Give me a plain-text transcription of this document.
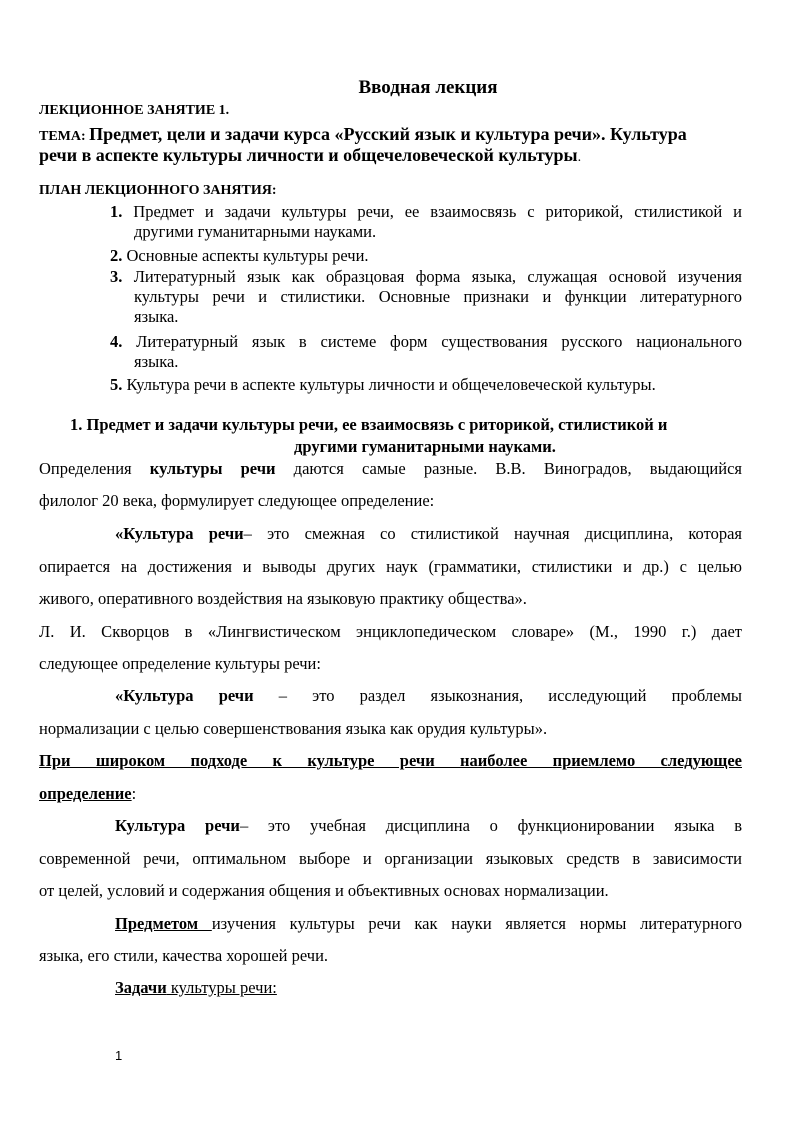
Вводная лекция
ЛЕКЦИОННОЕ ЗАНЯТИЕ 1.
ТЕМА: Предмет, цели и задачи курса «Русский язык и культура речи». Культура
речи в аспекте культуры личности и общечеловеческой культуры.
ПЛАН ЛЕКЦИОННОГО ЗАНЯТИЯ:
1. Предмет и задачи культуры речи, ее взаимосвязь с риторикой, стилистикой и
другими гуманитарными науками.
2. Основные аспекты культуры речи.
3. Литературный язык как образцовая форма языка, служащая основой изучения
культуры речи и стилистики. Основные признаки и функции литературного
языка.
4. Литературный язык в системе форм существования русского национального
языка.
5. Культура речи в аспекте культуры личности и общечеловеческой культуры.
1. Предмет и задачи культуры речи, ее взаимосвязь с риторикой, стилистикой и
другими гуманитарными науками.
Определения культуры речи даются самые разные. В.В. Виноградов, выдающийся
филолог 20 века, формулирует следующее определение:
«Культура речи– это смежная со стилистикой научная дисциплина, которая
опирается на достижения и выводы других наук (грамматики, стилистики и др.) с целью
живого, оперативного воздействия на языковую практику общества».
Л. И. Скворцов в «Лингвистическом энциклопедическом словаре» (М., 1990 г.) дает
следующее определение культуры речи:
«Культура речи – это раздел языкознания, исследующий проблемы
нормализации с целью совершенствования языка как орудия культуры».
При широком подходе к культуре речи наиболее приемлемо следующее
определение:
Культура речи– это учебная дисциплина о функционировании языка в
современной речи, оптимальном выборе и организации языковых средств в зависимости
от целей, условий и содержания общения и объективных основах нормализации.
Предметом изучения культуры речи как науки является нормы литературного
языка, его стили, качества хорошей речи.
Задачи культуры речи:
1
